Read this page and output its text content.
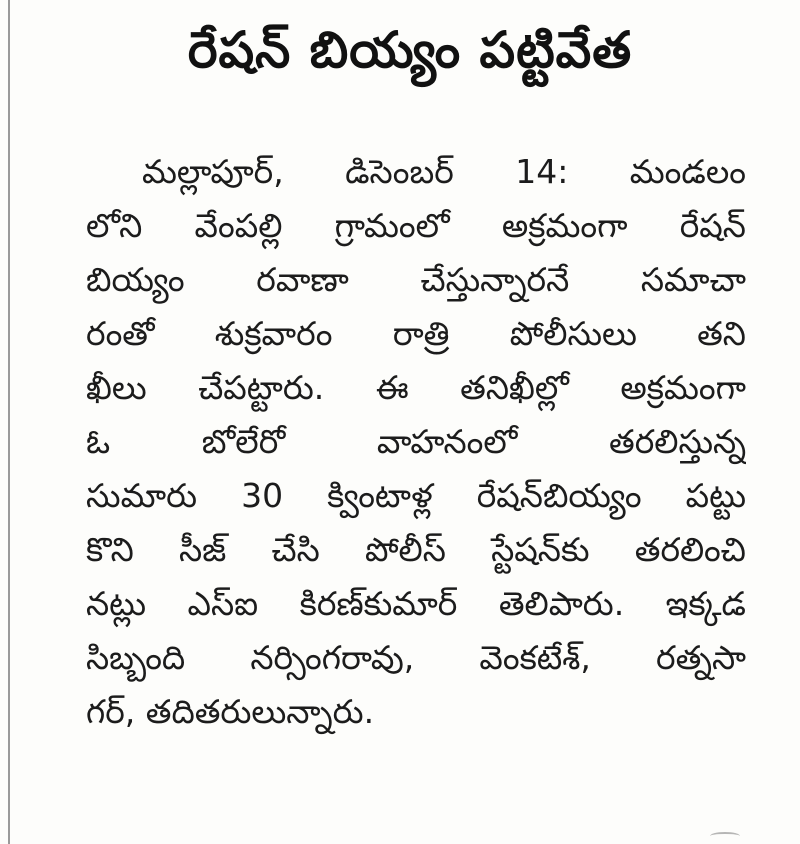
రేషన్ బియ్యం పట్టివేత
మల్లాపూర్, డిసెంబర్ 14: మండలం
లోని వేంపల్లి గ్రామంలో అక్రమంగా రేషన్
బియ్యం రవాణా చేస్తున్నారనే సమాచా
రంతో శుక్రవారం రాత్రి పోలీసులు తని
ఖీలు చేపట్టారు. ఈ తనిఖీల్లో అక్రమంగా
ఓ	బోలేరో	వాహనంలో	తరలిస్తున్న
సుమారు 30 క్వింటాళ్ల రేషన్‌బియ్యం పట్టు
కొని సీజ్ చేసి పోలీస్ స్టేషన్‌కు తరలించి
నట్లు ఎస్ఐ కిరణ్‌కుమార్ తెలిపారు. ఇక్కడ
సిబ్బంది నర్సింగరావు, వెంకటేశ్, రత్నసా
గర్, తదితరులున్నారు.
